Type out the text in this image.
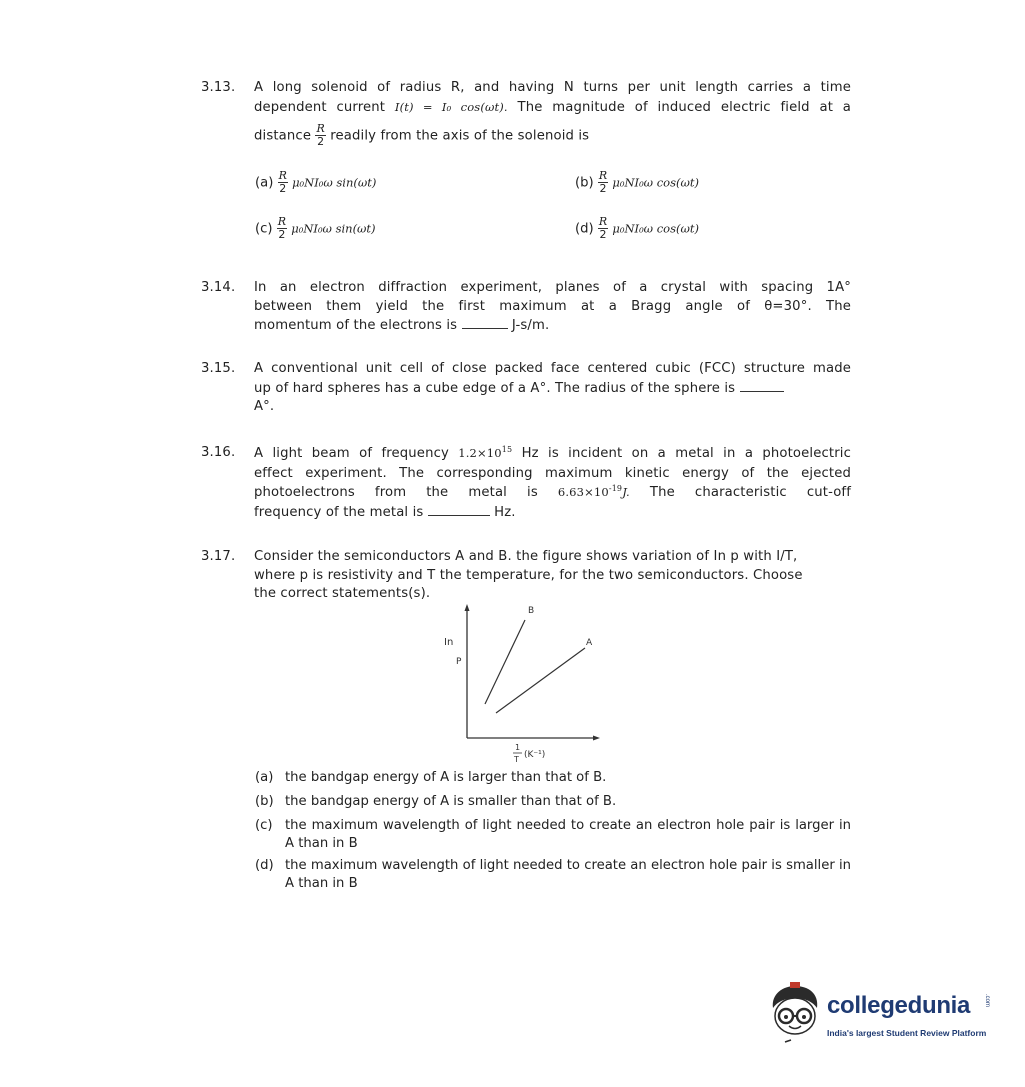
3.13. A long solenoid of radius R, and having N turns per unit length carries a time
dependent current I(t) = I₀ cos(ωt). The magnitude of induced electric field at a
distance $\frac{R}{2}$ readily from the axis of the solenoid is
$(a) \frac{R}{2} \mu_0NI_0\omega$ sin(ωt)	$(b) \frac{R}{2} \mu_0NI_0\omega$ cos(ωt)
$(c) \frac{R}{2} \mu_0NI_0\omega$ sin(ωt)	$(d) \frac{R}{2} \mu_0NI_0\omega$ cos(ωt)
3.14. In an electron diffraction experiment, planes of a crystal with spacing 1A°
between them yield the first maximum at a Bragg angle of θ=30°. The
momentum of the electrons is	J-s/m.
3.15. A conventional unit cell of close packed face centered cubic (FCC) structure made
up of hard spheres has a cube edge of a A°. The radius of the sphere is
A°.
3.16. A light beam of frequency $1.2\times 10^{15}$ Hz is incident on a metal in a photoelectric
effect experiment. The corresponding maximum kinetic energy of the ejected
photoelectrons from the metal is $6.63\times 10^{-19}J$. The characteristic cut-off
frequency of the metal is	Hz.
3.17. Consider the semiconductors A and B. the figure shows variation of In p with I/T,
where p is resistivity and T the temperature, for the two semiconductors. Choose
the correct statements(s).
B
A
In
P
1
T (K⁻¹)
(a) the bandgap energy of A is larger than that of B.
(b) the bandgap energy of A is smaller than that of B.
(c) the maximum wavelength of light needed to create an electron hole pair is larger in A than in B
(d) the maximum wavelength of light needed to create an electron hole pair is smaller in A than in B
collegedunia .com
India's largest Student Review Platform
